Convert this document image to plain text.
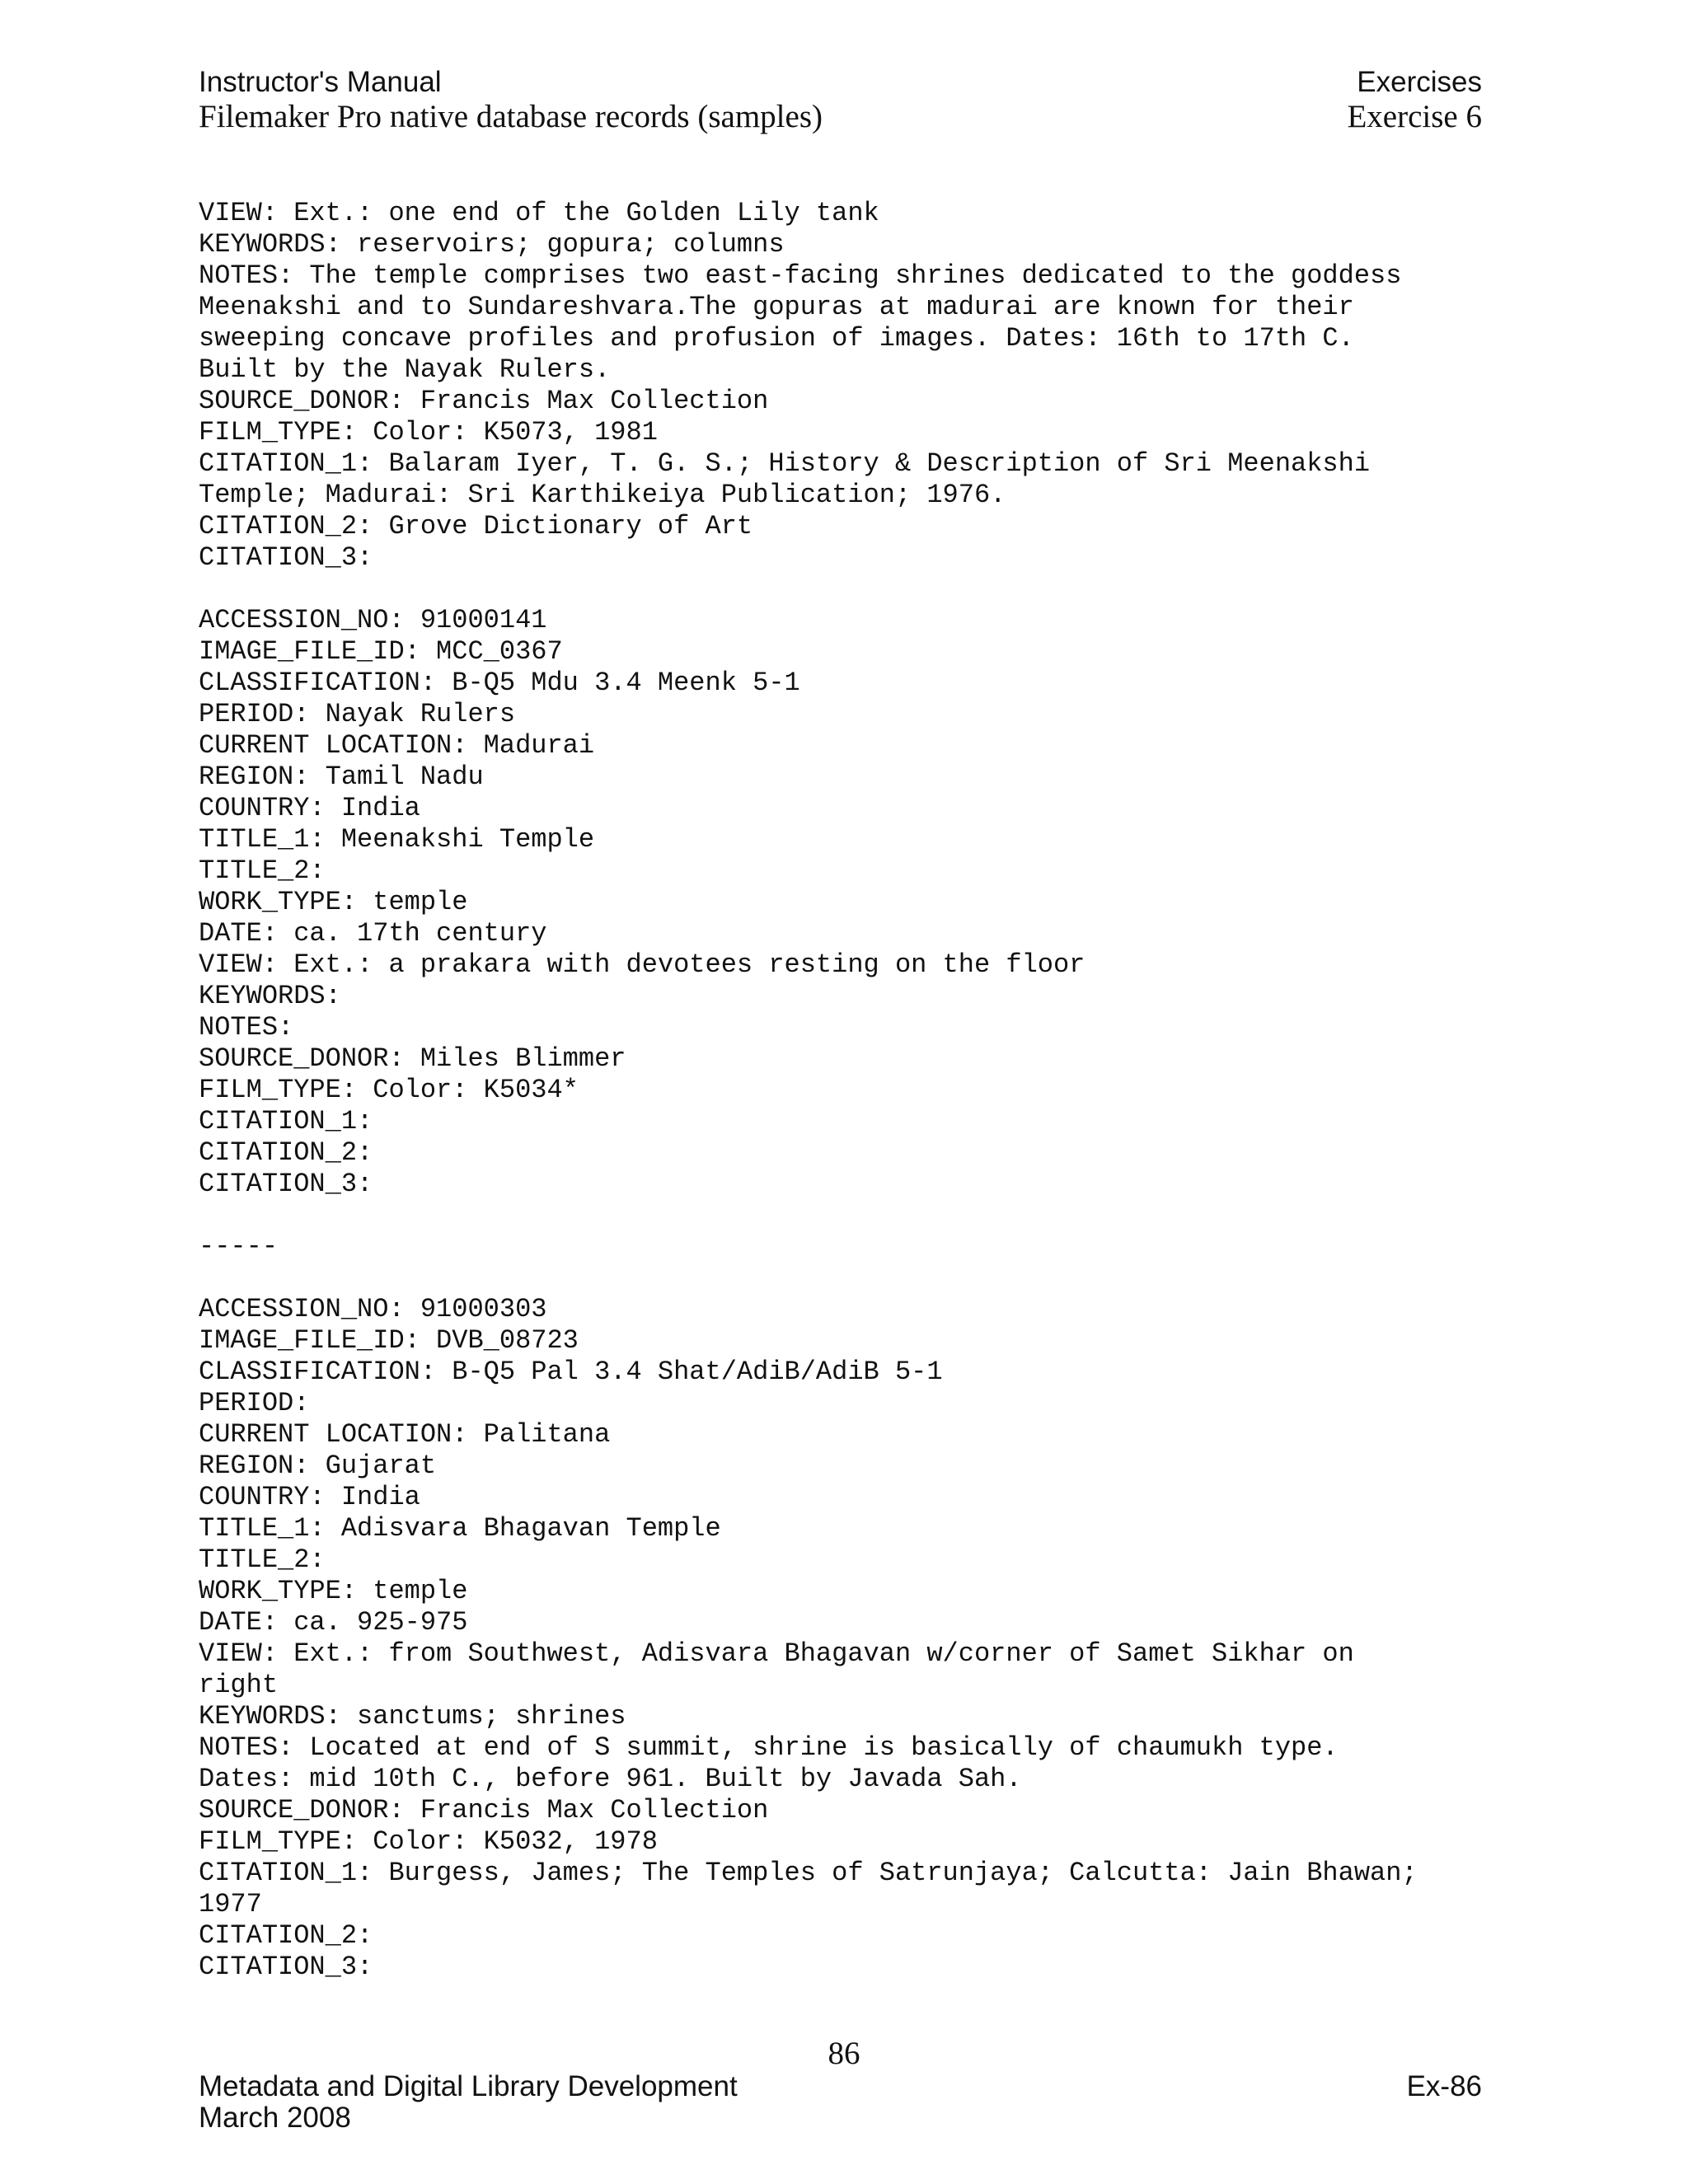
Instructor's Manual	Exercises
Filemaker Pro native database records (samples)	Exercise 6
VIEW: Ext.: one end of the Golden Lily tank
KEYWORDS: reservoirs; gopura; columns
NOTES: The temple comprises two east-facing shrines dedicated to the goddess
Meenakshi and to Sundareshvara.The gopuras at madurai are known for their
sweeping concave profiles and profusion of images. Dates: 16th to 17th C.
Built by the Nayak Rulers.
SOURCE_DONOR: Francis Max Collection
FILM_TYPE: Color: K5073, 1981
CITATION_1: Balaram Iyer, T. G. S.; History & Description of Sri Meenakshi
Temple; Madurai: Sri Karthikeiya Publication; 1976.
CITATION_2: Grove Dictionary of Art
CITATION_3:
ACCESSION_NO: 91000141
IMAGE_FILE_ID: MCC_0367
CLASSIFICATION: B-Q5 Mdu 3.4 Meenk 5-1
PERIOD: Nayak Rulers
CURRENT LOCATION: Madurai
REGION: Tamil Nadu
COUNTRY: India
TITLE_1: Meenakshi Temple
TITLE_2:
WORK_TYPE: temple
DATE: ca. 17th century
VIEW: Ext.: a prakara with devotees resting on the floor
KEYWORDS:
NOTES:
SOURCE_DONOR: Miles Blimmer
FILM_TYPE: Color: K5034*
CITATION_1:
CITATION_2:
CITATION_3:
-----
ACCESSION_NO: 91000303
IMAGE_FILE_ID: DVB_08723
CLASSIFICATION: B-Q5 Pal 3.4 Shat/AdiB/AdiB 5-1
PERIOD:
CURRENT LOCATION: Palitana
REGION: Gujarat
COUNTRY: India
TITLE_1: Adisvara Bhagavan Temple
TITLE_2:
WORK_TYPE: temple
DATE: ca. 925-975
VIEW: Ext.: from Southwest, Adisvara Bhagavan w/corner of Samet Sikhar on
right
KEYWORDS: sanctums; shrines
NOTES: Located at end of S summit, shrine is basically of chaumukh type.
Dates: mid 10th C., before 961. Built by Javada Sah.
SOURCE_DONOR: Francis Max Collection
FILM_TYPE: Color: K5032, 1978
CITATION_1: Burgess, James; The Temples of Satrunjaya; Calcutta: Jain Bhawan;
1977
CITATION_2:
CITATION_3:
86
Metadata and Digital Library Development
March 2008
Ex-86
